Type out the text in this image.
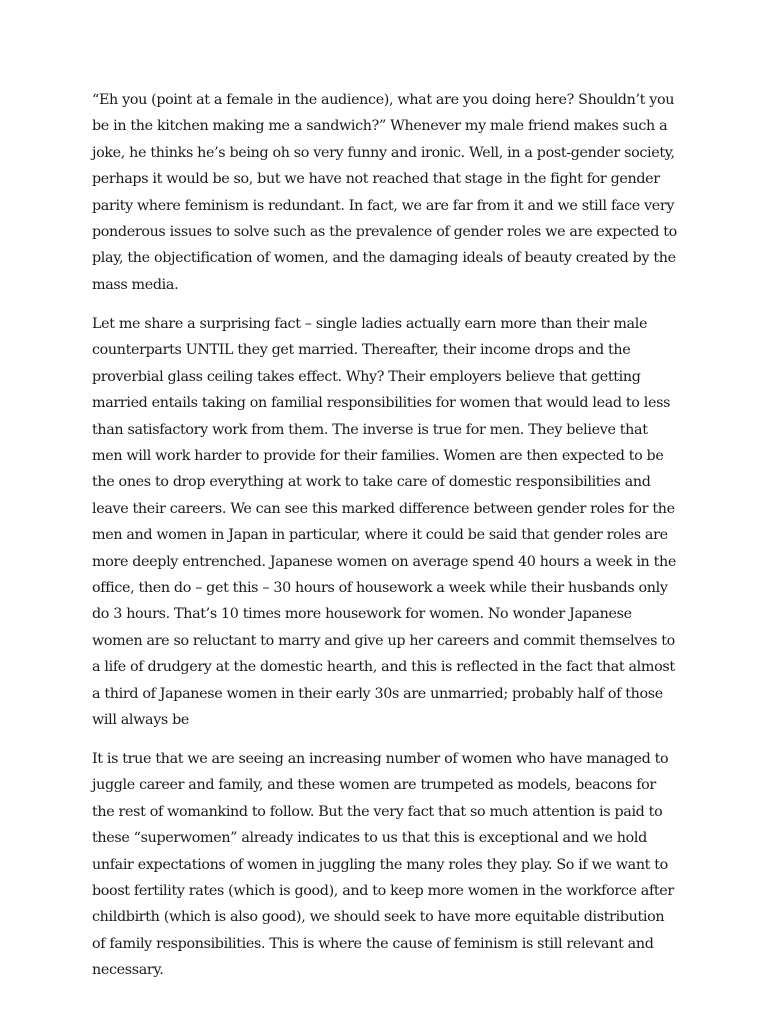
“Eh you (point at a female in the audience), what are you doing here? Shouldn’t you be in the kitchen making me a sandwich?” Whenever my male friend makes such a joke, he thinks he’s being oh so very funny and ironic. Well, in a post-gender society, perhaps it would be so, but we have not reached that stage in the fight for gender parity where feminism is redundant. In fact, we are far from it and we still face very ponderous issues to solve such as the prevalence of gender roles we are expected to play, the objectification of women, and the damaging ideals of beauty created by the mass media.

Let me share a surprising fact – single ladies actually earn more than their male counterparts UNTIL they get married. Thereafter, their income drops and the proverbial glass ceiling takes effect. Why? Their employers believe that getting married entails taking on familial responsibilities for women that would lead to less than satisfactory work from them. The inverse is true for men. They believe that men will work harder to provide for their families. Women are then expected to be the ones to drop everything at work to take care of domestic responsibilities and leave their careers. We can see this marked difference between gender roles for the men and women in Japan in particular, where it could be said that gender roles are more deeply entrenched. Japanese women on average spend 40 hours a week in the office, then do – get this – 30 hours of housework a week while their husbands only do 3 hours. That’s 10 times more housework for women. No wonder Japanese women are so reluctant to marry and give up her careers and commit themselves to a life of drudgery at the domestic hearth, and this is reflected in the fact that almost a third of Japanese women in their early 30s are unmarried; probably half of those will always be

It is true that we are seeing an increasing number of women who have managed to juggle career and family, and these women are trumpeted as models, beacons for the rest of womankind to follow. But the very fact that so much attention is paid to these “superwomen” already indicates to us that this is exceptional and we hold unfair expectations of women in juggling the many roles they play. So if we want to boost fertility rates (which is good), and to keep more women in the workforce after childbirth (which is also good), we should seek to have more equitable distribution of family responsibilities. This is where the cause of feminism is still relevant and necessary.
